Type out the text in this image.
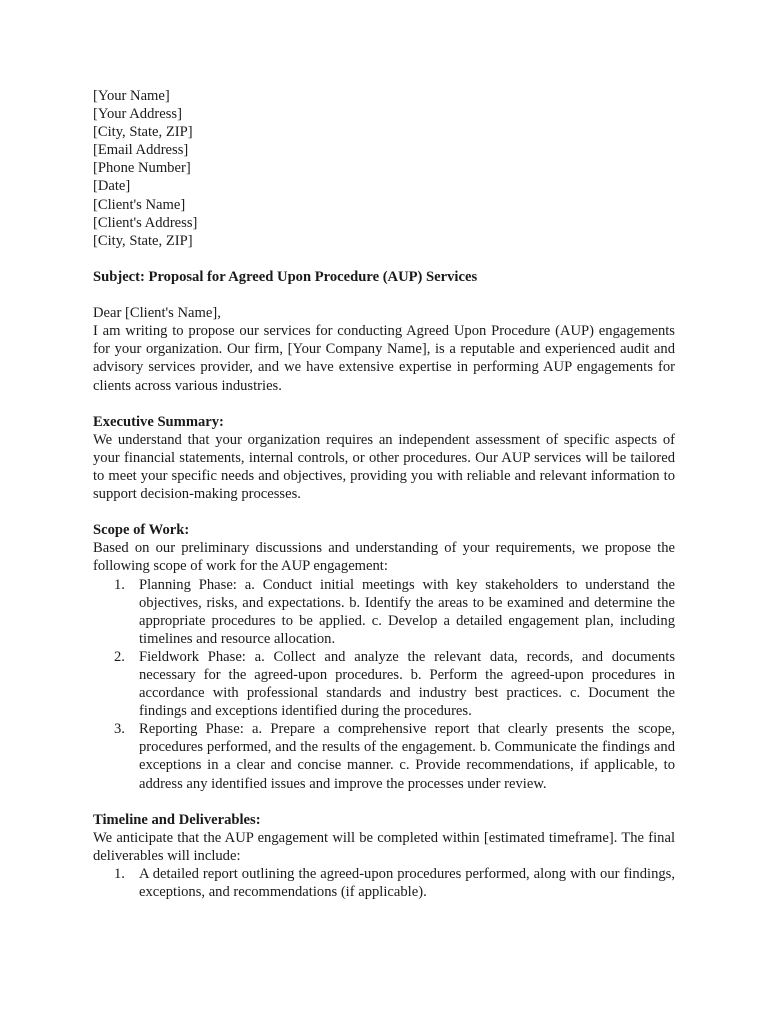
[Your Name]
[Your Address]
[City, State, ZIP]
[Email Address]
[Phone Number]
[Date]
[Client's Name]
[Client's Address]
[City, State, ZIP]
Subject: Proposal for Agreed Upon Procedure (AUP) Services
Dear [Client's Name],
I am writing to propose our services for conducting Agreed Upon Procedure (AUP) engagements for your organization. Our firm, [Your Company Name], is a reputable and experienced audit and advisory services provider, and we have extensive expertise in performing AUP engagements for clients across various industries.
Executive Summary:
We understand that your organization requires an independent assessment of specific aspects of your financial statements, internal controls, or other procedures. Our AUP services will be tailored to meet your specific needs and objectives, providing you with reliable and relevant information to support decision-making processes.
Scope of Work:
Based on our preliminary discussions and understanding of your requirements, we propose the following scope of work for the AUP engagement:
1. Planning Phase: a. Conduct initial meetings with key stakeholders to understand the objectives, risks, and expectations. b. Identify the areas to be examined and determine the appropriate procedures to be applied. c. Develop a detailed engagement plan, including timelines and resource allocation.
2. Fieldwork Phase: a. Collect and analyze the relevant data, records, and documents necessary for the agreed-upon procedures. b. Perform the agreed-upon procedures in accordance with professional standards and industry best practices. c. Document the findings and exceptions identified during the procedures.
3. Reporting Phase: a. Prepare a comprehensive report that clearly presents the scope, procedures performed, and the results of the engagement. b. Communicate the findings and exceptions in a clear and concise manner. c. Provide recommendations, if applicable, to address any identified issues and improve the processes under review.
Timeline and Deliverables:
We anticipate that the AUP engagement will be completed within [estimated timeframe]. The final deliverables will include:
1. A detailed report outlining the agreed-upon procedures performed, along with our findings, exceptions, and recommendations (if applicable).
